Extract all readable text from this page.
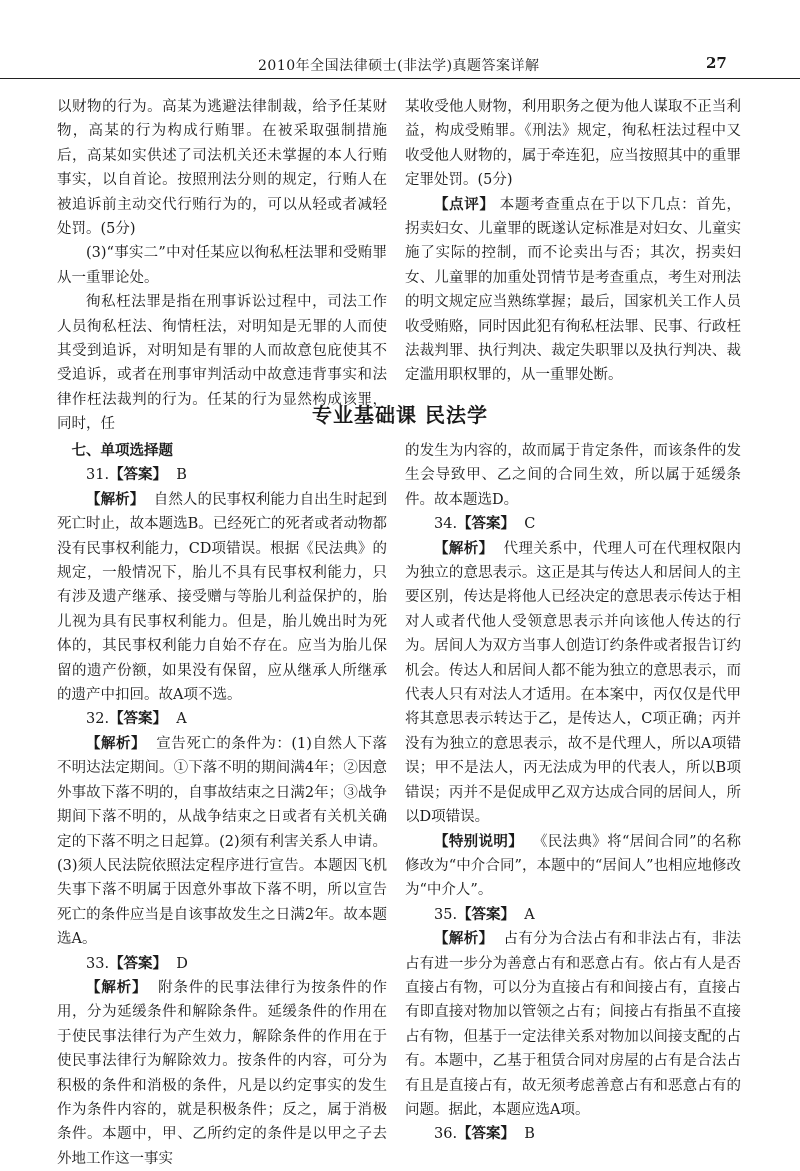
2010年全国法律硕士(非法学)真题答案详解	27

以财物的行为。高某为逃避法律制裁，给予任某财物，高某的行为构成行贿罪。在被采取强制措施后，高某如实供述了司法机关还未掌握的本人行贿事实，以自首论。按照刑法分则的规定，行贿人在被追诉前主动交代行贿行为的，可以从轻或者减轻处罚。(5分)

(3)“事实二”中对任某应以徇私枉法罪和受贿罪从一重罪论处。

徇私枉法罪是指在刑事诉讼过程中，司法工作人员徇私枉法、徇情枉法，对明知是无罪的人而使其受到追诉，对明知是有罪的人而故意包庇使其不受追诉，或者在刑事审判活动中故意违背事实和法律作枉法裁判的行为。任某的行为显然构成该罪，同时，任

某收受他人财物，利用职务之便为他人谋取不正当利益，构成受贿罪。《刑法》规定，徇私枉法过程中又收受他人财物的，属于牵连犯，应当按照其中的重罪定罪处罚。(5分)

【点评】 本题考查重点在于以下几点：首先，拐卖妇女、儿童罪的既遂认定标准是对妇女、儿童实施了实际的控制，而不论卖出与否；其次，拐卖妇女、儿童罪的加重处罚情节是考查重点，考生对刑法的明文规定应当熟练掌握；最后，国家机关工作人员收受贿赂，同时因此犯有徇私枉法罪、民事、行政枉法裁判罪、执行判决、裁定失职罪以及执行判决、裁定滥用职权罪的，从一重罪处断。

专业基础课 民法学

七、单项选择题

31.【答案】 B

【解析】 自然人的民事权利能力自出生时起到死亡时止，故本题选B。已经死亡的死者或者动物都没有民事权利能力，CD项错误。根据《民法典》的规定，一般情况下，胎儿不具有民事权利能力，只有涉及遗产继承、接受赠与等胎儿利益保护的，胎儿视为具有民事权利能力。但是，胎儿娩出时为死体的，其民事权利能力自始不存在。应当为胎儿保留的遗产份额，如果没有保留，应从继承人所继承的遗产中扣回。故A项不选。

32.【答案】 A

【解析】 宣告死亡的条件为：(1)自然人下落不明达法定期间。①下落不明的期间满4年；②因意外事故下落不明的，自事故结束之日满2年；③战争期间下落不明的，从战争结束之日或者有关机关确定的下落不明之日起算。(2)须有利害关系人申请。(3)须人民法院依照法定程序进行宣告。本题因飞机失事下落不明属于因意外事故下落不明，所以宣告死亡的条件应当是自该事故发生之日满2年。故本题选A。

33.【答案】 D

【解析】 附条件的民事法律行为按条件的作用，分为延缓条件和解除条件。延缓条件的作用在于使民事法律行为产生效力，解除条件的作用在于使民事法律行为解除效力。按条件的内容，可分为积极的条件和消极的条件，凡是以约定事实的发生作为条件内容的，就是积极条件；反之，属于消极条件。本题中，甲、乙所约定的条件是以甲之子去外地工作这一事实

的发生为内容的，故而属于肯定条件，而该条件的发生会导致甲、乙之间的合同生效，所以属于延缓条件。故本题选D。

34.【答案】 C

【解析】 代理关系中，代理人可在代理权限内为独立的意思表示。这正是其与传达人和居间人的主要区别，传达是将他人已经决定的意思表示传达于相对人或者代他人受领意思表示并向该他人传达的行为。居间人为双方当事人创造订约条件或者报告订约机会。传达人和居间人都不能为独立的意思表示，而代表人只有对法人才适用。在本案中，丙仅仅是代甲将其意思表示转达于乙，是传达人，C项正确；丙并没有为独立的意思表示，故不是代理人，所以A项错误；甲不是法人，丙无法成为甲的代表人，所以B项错误；丙并不是促成甲乙双方达成合同的居间人，所以D项错误。

【特别说明】 《民法典》将“居间合同”的名称修改为“中介合同”，本题中的“居间人”也相应地修改为“中介人”。

35.【答案】 A

【解析】 占有分为合法占有和非法占有，非法占有进一步分为善意占有和恶意占有。依占有人是否直接占有物，可以分为直接占有和间接占有，直接占有即直接对物加以管领之占有；间接占有指虽不直接占有物，但基于一定法律关系对物加以间接支配的占有。本题中，乙基于租赁合同对房屋的占有是合法占有且是直接占有，故无须考虑善意占有和恶意占有的问题。据此，本题应选A项。

36.【答案】 B
